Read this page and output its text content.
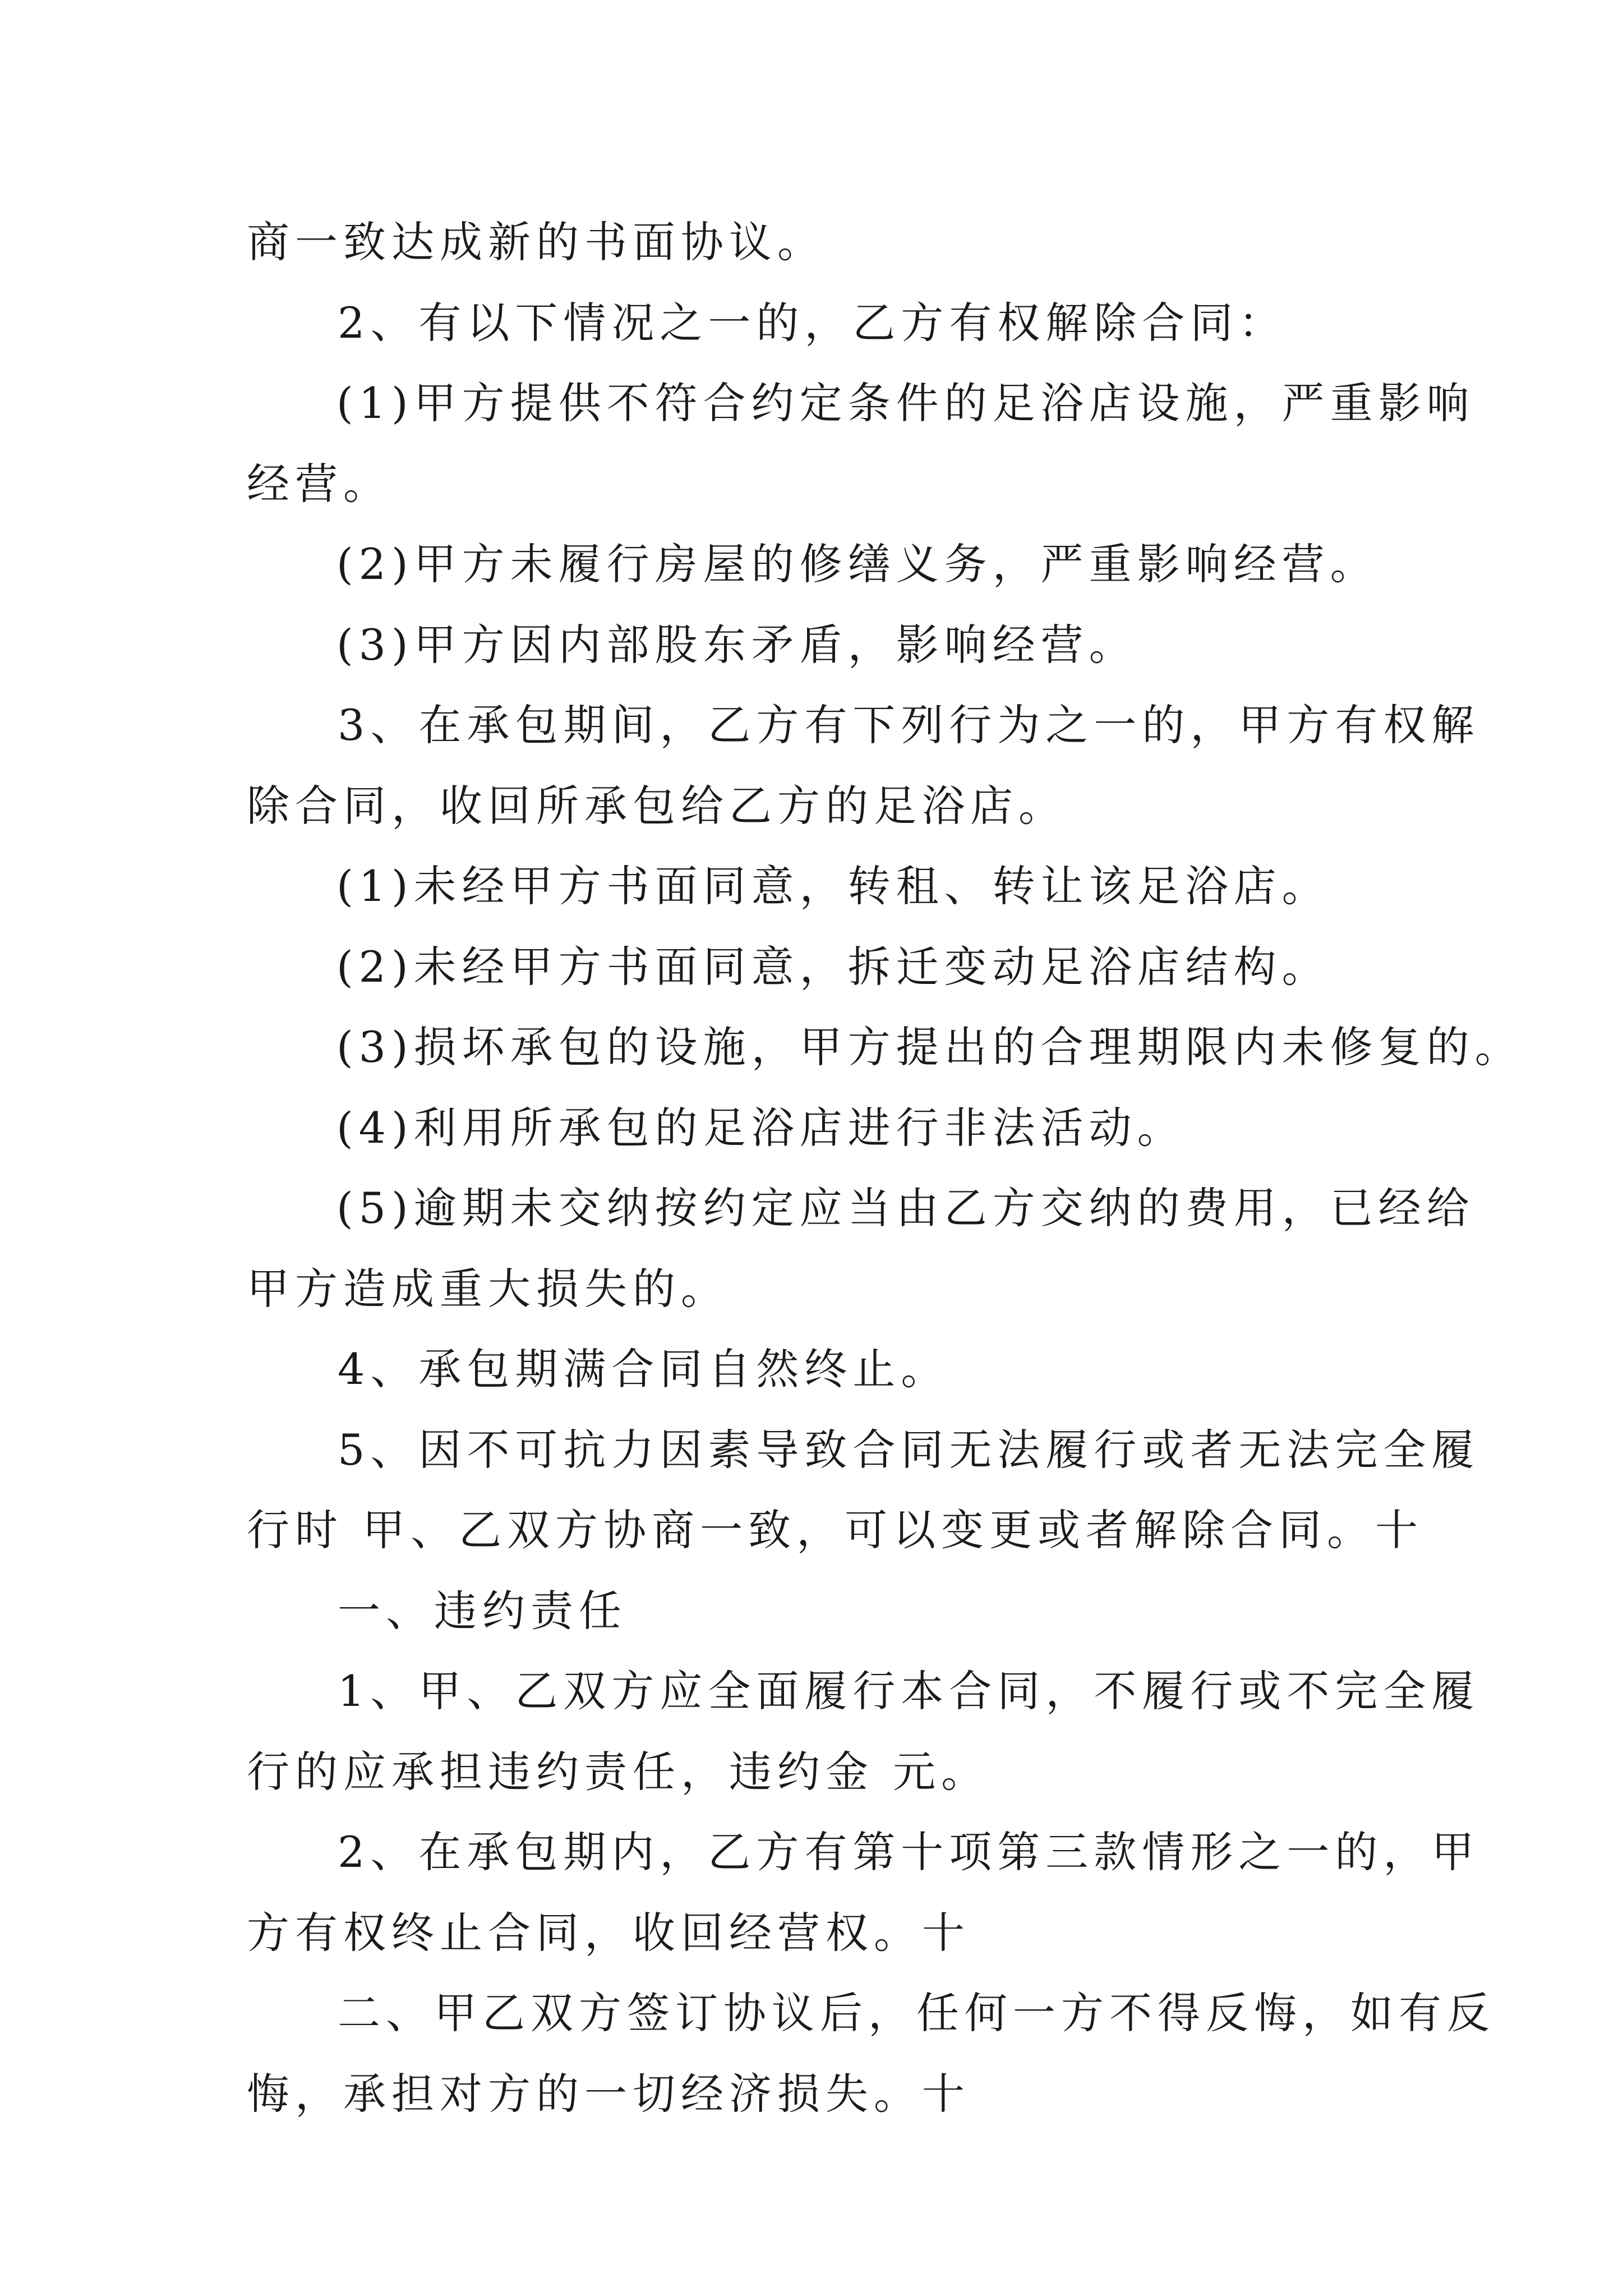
商一致达成新的书面协议。
2、有以下情况之一的，乙方有权解除合同：
(1)甲方提供不符合约定条件的足浴店设施，严重影响
经营。
(2)甲方未履行房屋的修缮义务，严重影响经营。
(3)甲方因内部股东矛盾，影响经营。
3、在承包期间，乙方有下列行为之一的，甲方有权解
除合同，收回所承包给乙方的足浴店。
(1)未经甲方书面同意，转租、转让该足浴店。
(2)未经甲方书面同意，拆迁变动足浴店结构。
(3)损坏承包的设施，甲方提出的合理期限内未修复的。
(4)利用所承包的足浴店进行非法活动。
(5)逾期未交纳按约定应当由乙方交纳的费用，已经给
甲方造成重大损失的。
4、承包期满合同自然终止。
5、因不可抗力因素导致合同无法履行或者无法完全履
行时 甲、乙双方协商一致，可以变更或者解除合同。十
一、违约责任
1、甲、乙双方应全面履行本合同，不履行或不完全履
行的应承担违约责任，违约金 元。
2、在承包期内，乙方有第十项第三款情形之一的，甲
方有权终止合同，收回经营权。十
二、甲乙双方签订协议后，任何一方不得反悔，如有反
悔，承担对方的一切经济损失。十
